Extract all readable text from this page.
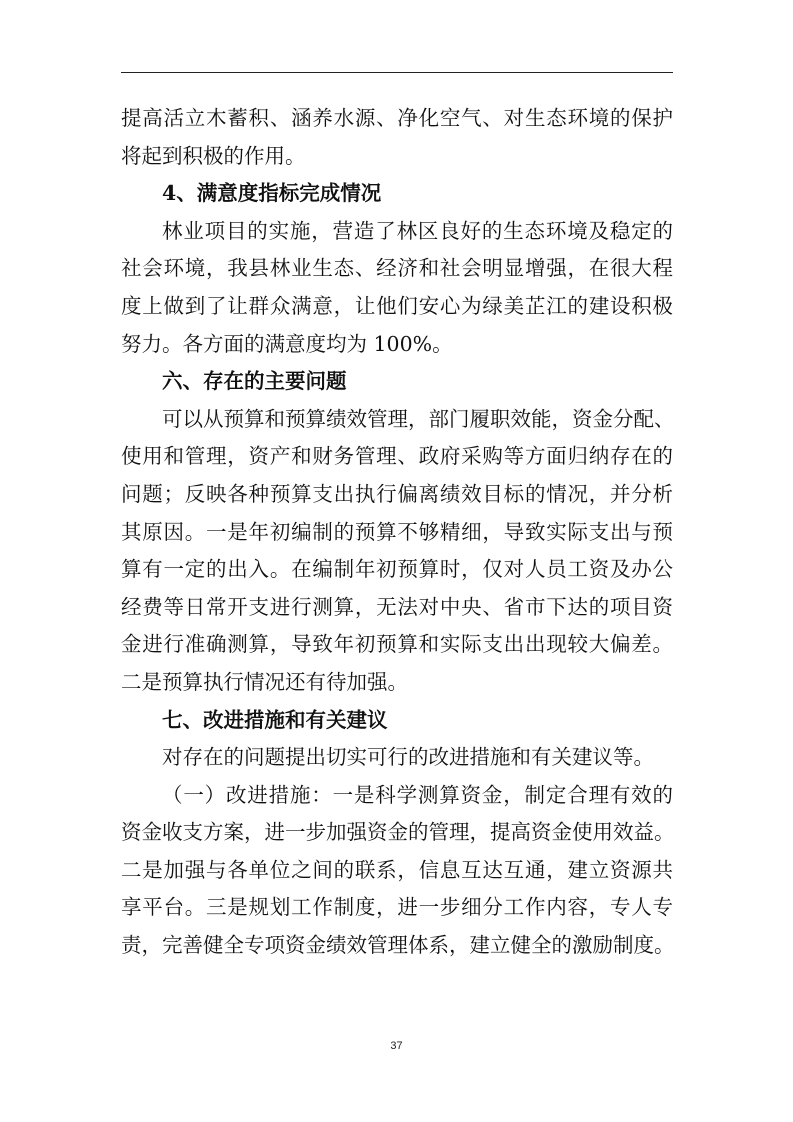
提高活立木蓄积、涵养水源、净化空气、对生态环境的保护
将起到积极的作用。
4、满意度指标完成情况
林业项目的实施，营造了林区良好的生态环境及稳定的
社会环境，我县林业生态、经济和社会明显增强，在很大程
度上做到了让群众满意，让他们安心为绿美芷江的建设积极
努力。各方面的满意度均为 100%。
六、存在的主要问题
可以从预算和预算绩效管理，部门履职效能，资金分配、
使用和管理，资产和财务管理、政府采购等方面归纳存在的
问题；反映各种预算支出执行偏离绩效目标的情况，并分析
其原因。一是年初编制的预算不够精细，导致实际支出与预
算有一定的出入。在编制年初预算时，仅对人员工资及办公
经费等日常开支进行测算，无法对中央、省市下达的项目资
金进行准确测算，导致年初预算和实际支出出现较大偏差。
二是预算执行情况还有待加强。
七、改进措施和有关建议
对存在的问题提出切实可行的改进措施和有关建议等。
（一）改进措施：一是科学测算资金，制定合理有效的
资金收支方案，进一步加强资金的管理，提高资金使用效益。
二是加强与各单位之间的联系，信息互达互通，建立资源共
享平台。三是规划工作制度，进一步细分工作内容，专人专
责，完善健全专项资金绩效管理体系，建立健全的激励制度。
37
